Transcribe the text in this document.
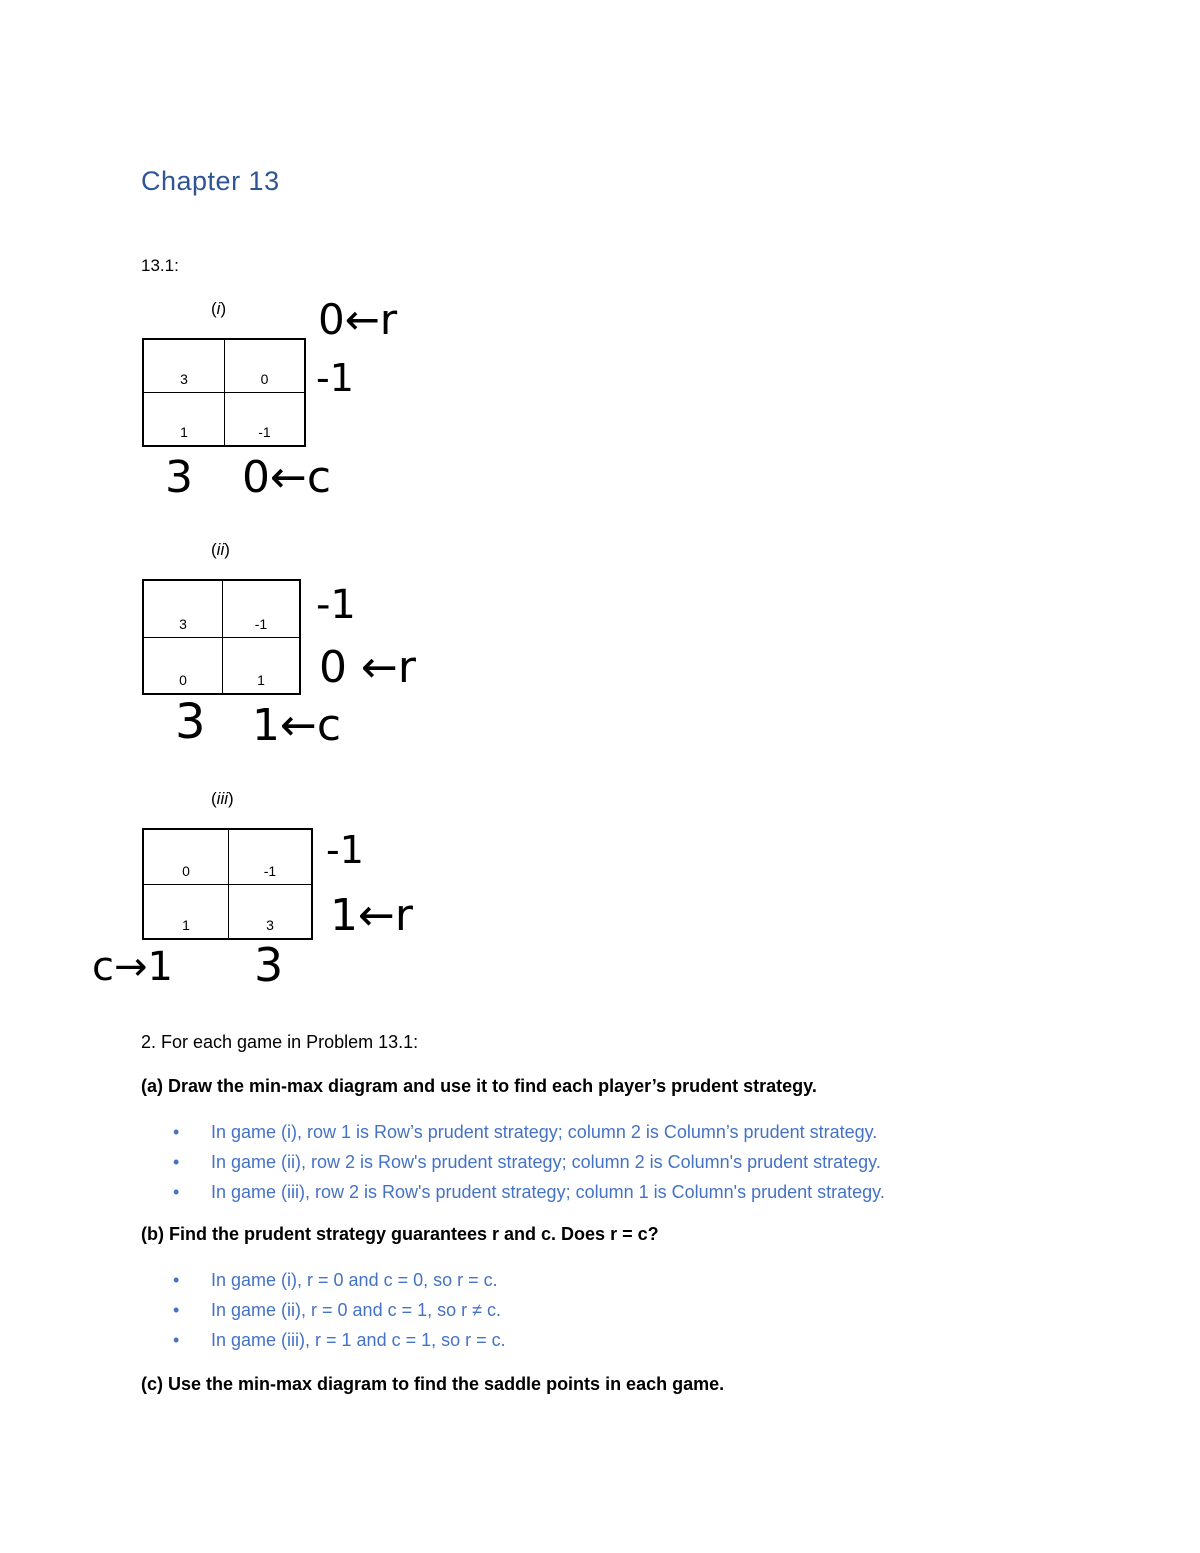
Chapter 13
13.1:
(i)
3	0
1	-1
0←r
-1
3 0←c
(ii)
3	-1
0	1
-1
0 ←r
3 1←c
(iii)
0	-1
1	3
-1
1←r
c→1 3
2. For each game in Problem 13.1:
(a) Draw the min-max diagram and use it to find each player’s prudent strategy.
• In game (i), row 1 is Row’s prudent strategy; column 2 is Column’s prudent strategy.
• In game (ii), row 2 is Row's prudent strategy; column 2 is Column's prudent strategy.
• In game (iii), row 2 is Row's prudent strategy; column 1 is Column's prudent strategy.
(b) Find the prudent strategy guarantees r and c. Does r = c?
• In game (i), r = 0 and c = 0, so r = c.
• In game (ii), r = 0 and c = 1, so r ≠ c.
• In game (iii), r = 1 and c = 1, so r = c.
(c) Use the min-max diagram to find the saddle points in each game.
